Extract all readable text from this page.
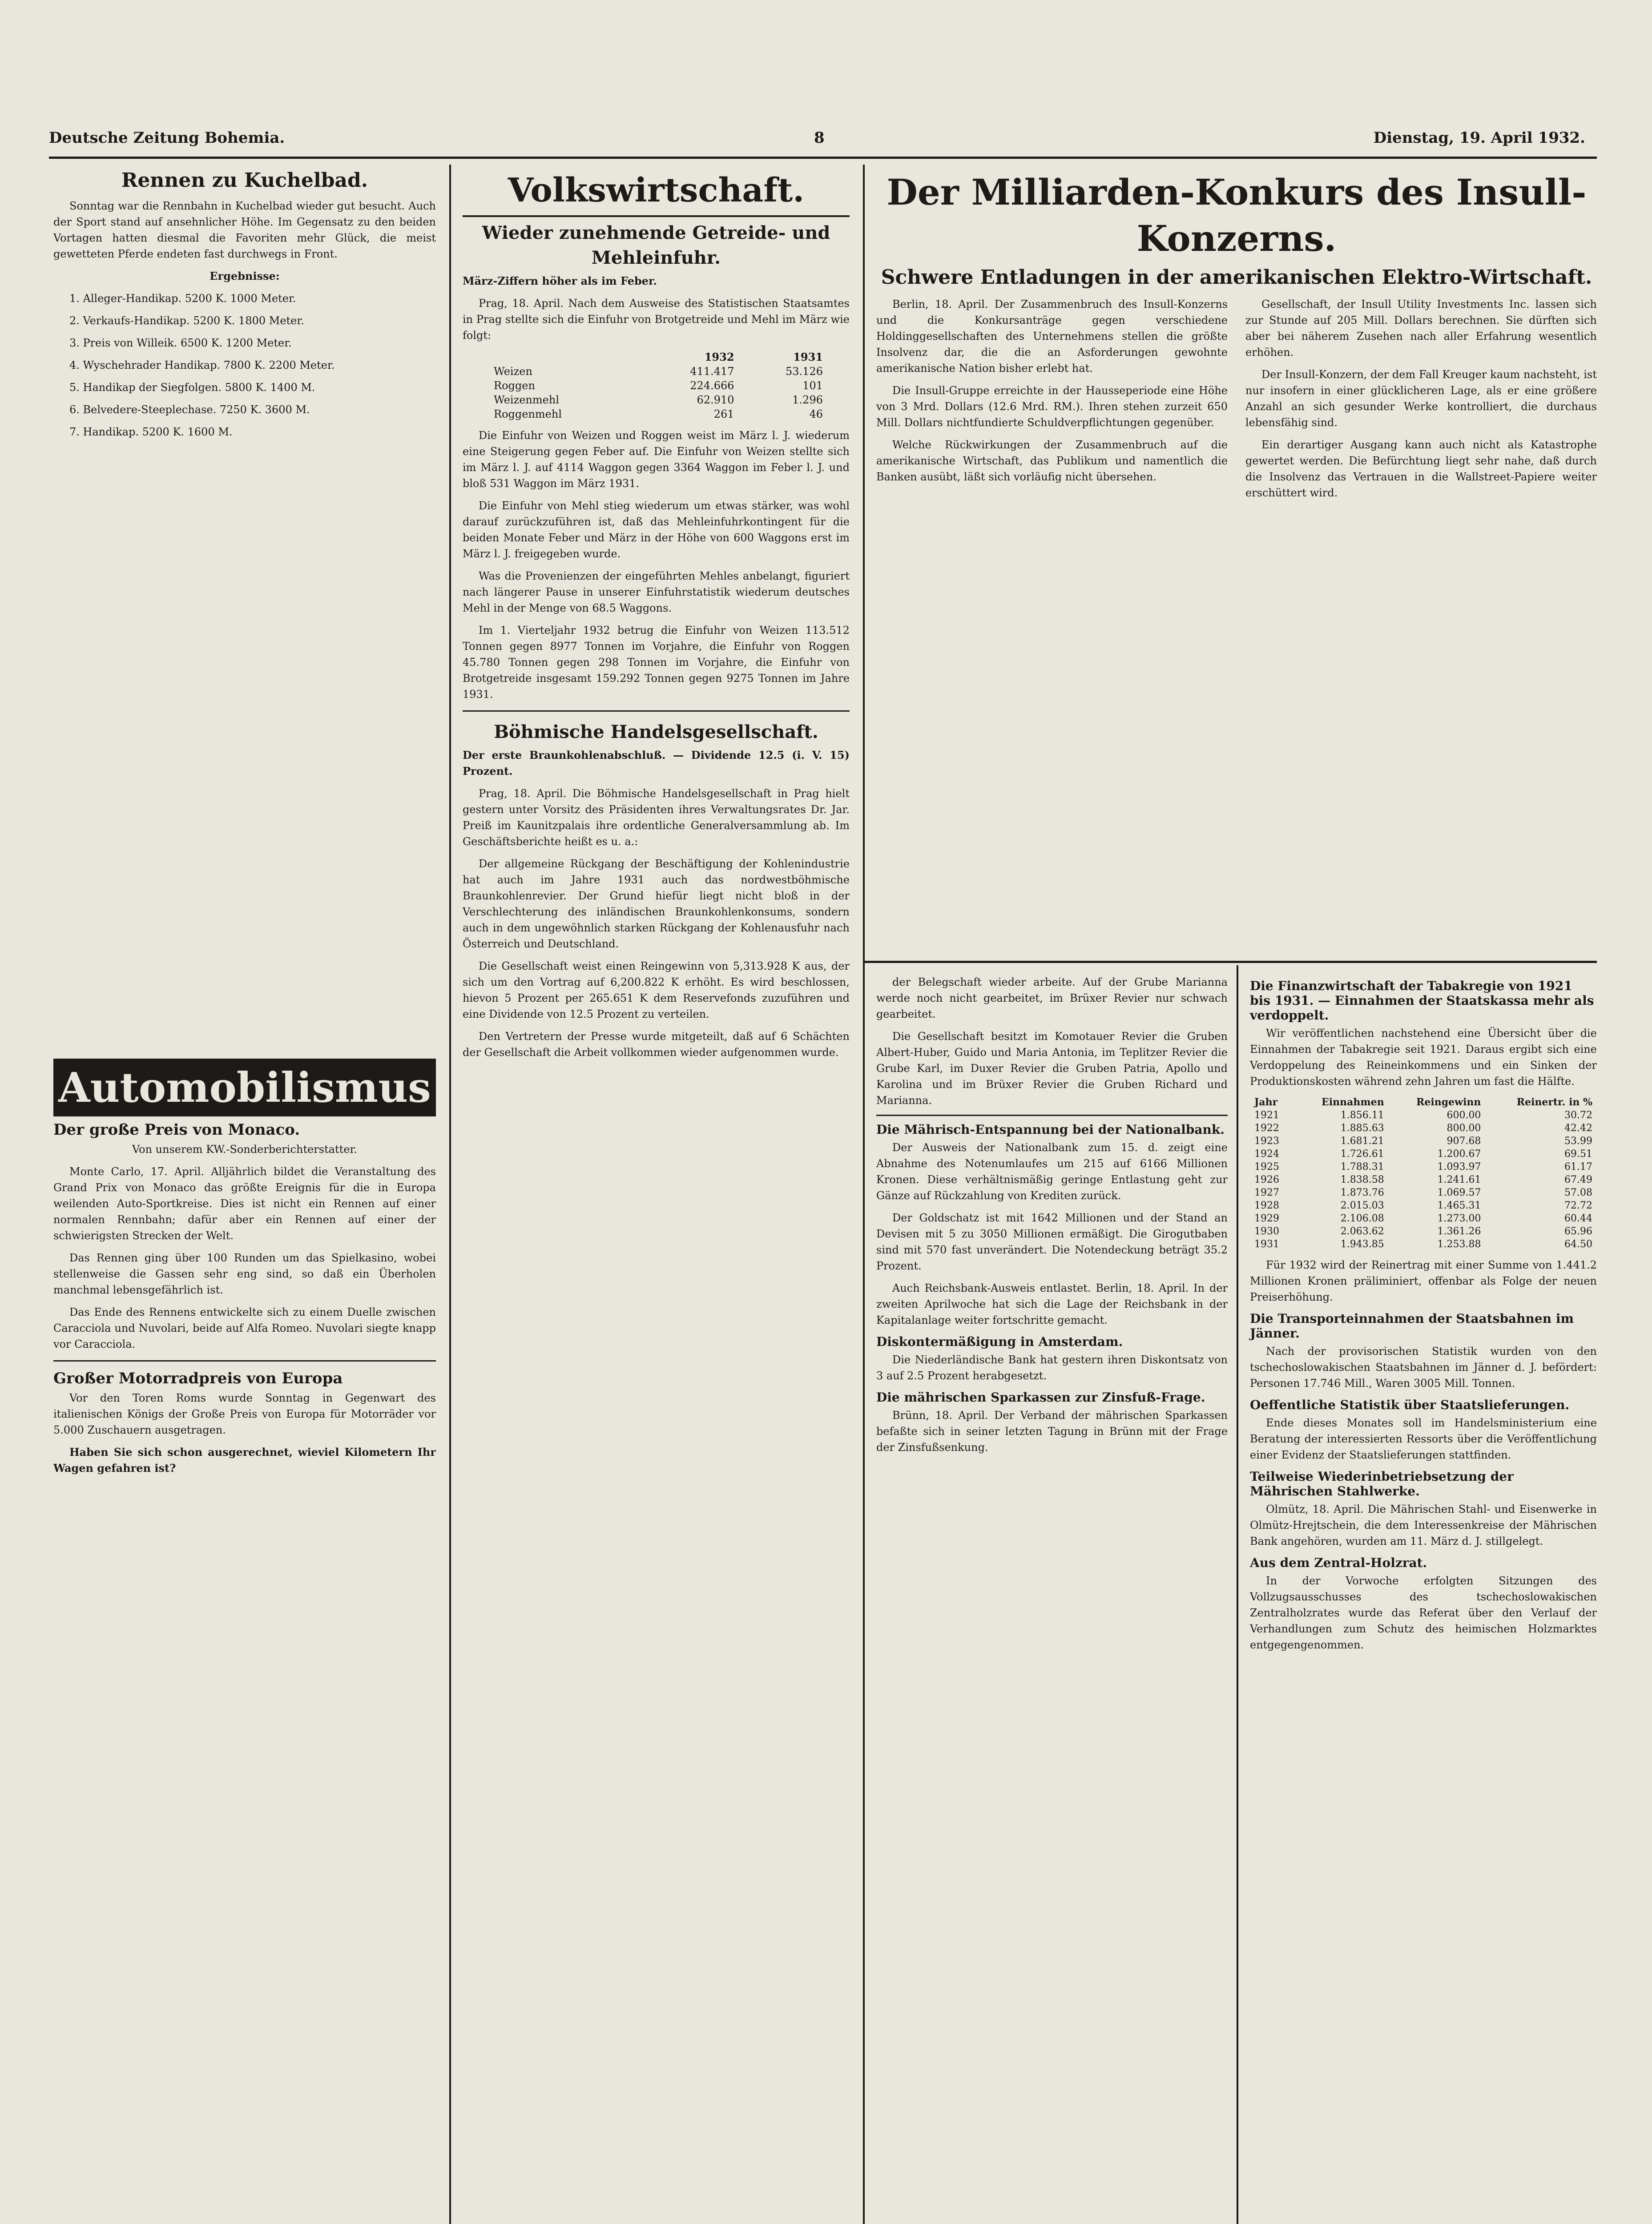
Deutsche Zeitung Bohemia.	8	Dienstag, 19. April 1932.
Rennen zu Kuchelbad.

Sonntag war die Rennbahn in Kuchelbad wieder gut besucht. Auch der Sport stand auf ansehnlicher Höhe. Im Gegensatz zu den beiden Vortagen hatten diesmal die Favoriten mehr Glück, die meist gewetteten Pferde endeten fast durchwegs in Front.

Ergebnisse:

1. Alleger-Handikap. 5200 K. 1000 Meter.

2. Verkaufs-Handikap. 5200 K. 1800 Meter.

3. Preis von Willeik. 6500 K. 1200 Meter.

4. Wyschehrader Handikap. 7800 K. 2200 Meter.

5. Handikap der Siegfolgen. 5800 K. 1400 M.

6. Belvedere-Steeplechase. 7250 K. 3600 M.

7. Handikap. 5200 K. 1600 M.

Automobilismus
Der große Preis von Monaco.

Von unserem KW.-Sonderberichterstatter.

Monte Carlo, 17. April. Alljährlich bildet die Veranstaltung des Grand Prix von Monaco das größte Ereignis für die in Europa weilenden Auto-Sportkreise. Dies ist nicht ein Rennen auf einer normalen Rennbahn; dafür aber ein Rennen auf einer der schwierigsten Strecken der Welt.

Das Rennen ging über 100 Runden um das Spielkasino, wobei stellenweise die Gassen sehr eng sind, so daß ein Überholen manchmal lebensgefährlich ist.

Das Ende des Rennens entwickelte sich zu einem Duelle zwischen Caracciola und Nuvolari, beide auf Alfa Romeo. Nuvolari siegte knapp vor Caracciola.

Großer Motorradpreis von Europa

Vor den Toren Roms wurde Sonntag in Gegenwart des italienischen Königs der Große Preis von Europa für Motorräder vor 5.000 Zuschauern ausgetragen.

Haben Sie sich schon ausgerechnet, wieviel Kilometern Ihr Wagen gefahren ist?

Volkswirtschaft.
Wieder zunehmende Getreide- und Mehleinfuhr.

März-Ziffern höher als im Feber.

Prag, 18. April. Nach dem Ausweise des Statistischen Staatsamtes in Prag stellte sich die Einfuhr von Brotgetreide und Mehl im März wie folgt:

	1932	1931
Weizen	411.417	53.126
Roggen	224.666	101
Weizenmehl	62.910	1.296
Roggenmehl	261	46

Die Einfuhr von Weizen und Roggen weist im März l. J. wiederum eine Steigerung gegen Feber auf. Die Einfuhr von Weizen stellte sich im März l. J. auf 4114 Waggon gegen 3364 Waggon im Feber l. J. und bloß 531 Waggon im März 1931.

Die Einfuhr von Mehl stieg wiederum um etwas stärker, was wohl darauf zurückzuführen ist, daß das Mehleinfuhrkontingent für die beiden Monate Feber und März in der Höhe von 600 Waggons erst im März l. J. freigegeben wurde.

Was die Provenienzen der eingeführten Mehles anbelangt, figuriert nach längerer Pause in unserer Einfuhrstatistik wiederum deutsches Mehl in der Menge von 68.5 Waggons.

Im 1. Vierteljahr 1932 betrug die Einfuhr von Weizen 113.512 Tonnen gegen 8977 Tonnen im Vorjahre, die Einfuhr von Roggen 45.780 Tonnen gegen 298 Tonnen im Vorjahre, die Einfuhr von Brotgetreide insgesamt 159.292 Tonnen gegen 9275 Tonnen im Jahre 1931.

Böhmische Handelsgesellschaft.

Der erste Braunkohlenabschluß. — Dividende 12.5 (i. V. 15) Prozent.

Prag, 18. April. Die Böhmische Handelsgesellschaft in Prag hielt gestern unter Vorsitz des Präsidenten ihres Verwaltungsrates Dr. Jar. Preiß im Kaunitzpalais ihre ordentliche Generalversammlung ab. Im Geschäftsberichte heißt es u. a.:

Der allgemeine Rückgang der Beschäftigung der Kohlenindustrie hat auch im Jahre 1931 auch das nordwestböhmische Braunkohlenrevier. Der Grund hiefür liegt nicht bloß in der Verschlechterung des inländischen Braunkohlenkonsums, sondern auch in dem ungewöhnlich starken Rückgang der Kohlenausfuhr nach Österreich und Deutschland.

Die Gesellschaft weist einen Reingewinn von 5,313.928 K aus, der sich um den Vortrag auf 6,200.822 K erhöht. Es wird beschlossen, hievon 5 Prozent per 265.651 K dem Reservefonds zuzuführen und eine Dividende von 12.5 Prozent zu verteilen.

Den Vertretern der Presse wurde mitgeteilt, daß auf 6 Schächten der Gesellschaft die Arbeit vollkommen wieder aufgenommen wurde.

Der Milliarden-Konkurs des Insull-Konzerns.
Schwere Entladungen in der amerikanischen Elektro-Wirtschaft.

Berlin, 18. April. Der Zusammenbruch des Insull-Konzerns und die Konkursanträge gegen verschiedene Holdinggesellschaften des Unternehmens stellen die größte Insolvenz dar, die die an Asforderungen gewohnte amerikanische Nation bisher erlebt hat.

Die Insull-Gruppe erreichte in der Hausseperiode eine Höhe von 3 Mrd. Dollars (12.6 Mrd. RM.). Ihren stehen zurzeit 650 Mill. Dollars nichtfundierte Schuldverpflichtungen gegenüber.

Welche Rückwirkungen der Zusammenbruch auf die amerikanische Wirtschaft, das Publikum und namentlich die Banken ausübt, läßt sich vorläufig nicht übersehen.

Gesellschaft, der Insull Utility Investments Inc. lassen sich zur Stunde auf 205 Mill. Dollars berechnen. Sie dürften sich aber bei näherem Zusehen nach aller Erfahrung wesentlich erhöhen.

Der Insull-Konzern, der dem Fall Kreuger kaum nachsteht, ist nur insofern in einer glücklicheren Lage, als er eine größere Anzahl an sich gesunder Werke kontrolliert, die durchaus lebensfähig sind.

Ein derartiger Ausgang kann auch nicht als Katastrophe gewertet werden. Die Befürchtung liegt sehr nahe, daß durch die Insolvenz das Vertrauen in die Wallstreet-Papiere weiter erschüttert wird.

der Belegschaft wieder arbeite. Auf der Grube Marianna werde noch nicht gearbeitet, im Brüxer Revier nur schwach gearbeitet.

Die Gesellschaft besitzt im Komotauer Revier die Gruben Albert-Huber, Guido und Maria Antonia, im Teplitzer Revier die Grube Karl, im Duxer Revier die Gruben Patria, Apollo und Karolina und im Brüxer Revier die Gruben Richard und Marianna.

Die Mährisch-Entspannung bei der Nationalbank.

Der Ausweis der Nationalbank zum 15. d. zeigt eine Abnahme des Notenumlaufes um 215 auf 6166 Millionen Kronen. Diese verhältnismäßig geringe Entlastung geht zur Gänze auf Rückzahlung von Krediten zurück.

Der Goldschatz ist mit 1642 Millionen und der Stand an Devisen mit 5 zu 3050 Millionen ermäßigt. Die Girogutbaben sind mit 570 fast unverändert. Die Notendeckung beträgt 35.2 Prozent.

Auch Reichsbank-Ausweis entlastet. Berlin, 18. April. In der zweiten Aprilwoche hat sich die Lage der Reichsbank in der Kapitalanlage weiter fortschritte gemacht.

Diskontermäßigung in Amsterdam.

Die Niederländische Bank hat gestern ihren Diskontsatz von 3 auf 2.5 Prozent herabgesetzt.

Die mährischen Sparkassen zur Zinsfuß-Frage.

Brünn, 18. April. Der Verband der mährischen Sparkassen befaßte sich in seiner letzten Tagung in Brünn mit der Frage der Zinsfußsenkung.

Die Finanzwirtschaft der Tabakregie von 1921 bis 1931. — Einnahmen der Staatskassa mehr als verdoppelt.

Wir veröffentlichen nachstehend eine Übersicht über die Einnahmen der Tabakregie seit 1921. Daraus ergibt sich eine Verdoppelung des Reineinkommens und ein Sinken der Produktionskosten während zehn Jahren um fast die Hälfte.

Jahr	Einnahmen	Reingewinn	Reinertr. in %
1921	1.856.11	600.00	30.72
1922	1.885.63	800.00	42.42
1923	1.681.21	907.68	53.99
1924	1.726.61	1.200.67	69.51
1925	1.788.31	1.093.97	61.17
1926	1.838.58	1.241.61	67.49
1927	1.873.76	1.069.57	57.08
1928	2.015.03	1.465.31	72.72
1929	2.106.08	1.273.00	60.44
1930	2.063.62	1.361.26	65.96
1931	1.943.85	1.253.88	64.50

Für 1932 wird der Reinertrag mit einer Summe von 1.441.2 Millionen Kronen präliminiert, offenbar als Folge der neuen Preiserhöhung.

Die Transporteinnahmen der Staatsbahnen im Jänner.

Nach der provisorischen Statistik wurden von den tschechoslowakischen Staatsbahnen im Jänner d. J. befördert: Personen 17.746 Mill., Waren 3005 Mill. Tonnen.

Oeffentliche Statistik über Staatslieferungen.

Ende dieses Monates soll im Handelsministerium eine Beratung der interessierten Ressorts über die Veröffentlichung einer Evidenz der Staatslieferungen stattfinden.

Teilweise Wiederinbetriebsetzung der Mährischen Stahlwerke.

Olmütz, 18. April. Die Mährischen Stahl- und Eisenwerke in Olmütz-Hrejtschein, die dem Interessenkreise der Mährischen Bank angehören, wurden am 11. März d. J. stillgelegt.

Aus dem Zentral-Holzrat.

In der Vorwoche erfolgten Sitzungen des Vollzugsausschusses des tschechoslowakischen Zentralholzrates wurde das Referat über den Verlauf der Verhandlungen zum Schutz des heimischen Holzmarktes entgegengenommen.
